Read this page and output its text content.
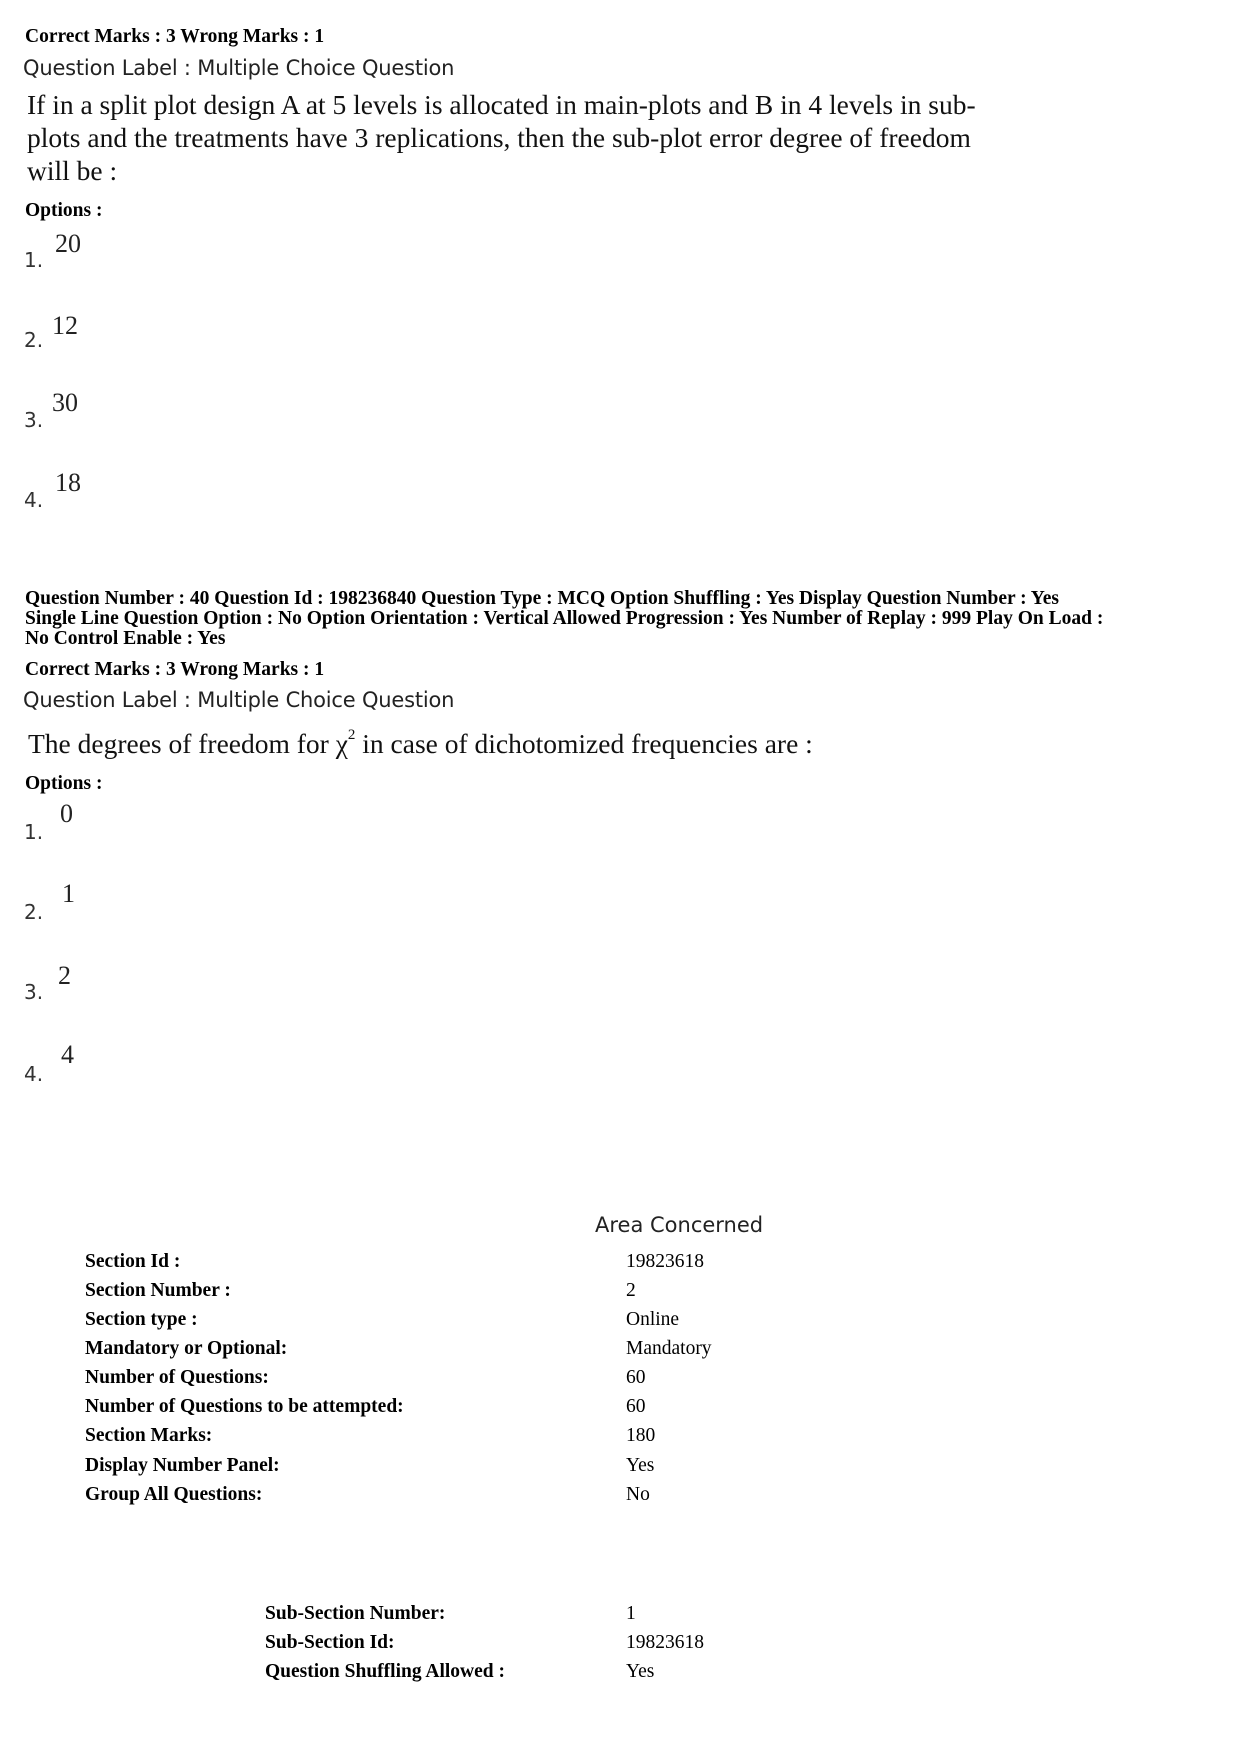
Correct Marks : 3 Wrong Marks : 1
Question Label : Multiple Choice Question
If in a split plot design A at 5 levels is allocated in main-plots and B in 4 levels in sub-
plots and the treatments have 3 replications, then the sub-plot error degree of freedom
will be :
Options :
1.
20
2. 12
3.
30
4.
18
Question Number : 40 Question Id : 198236840 Question Type : MCQ Option Shuffling : Yes Display Question Number : Yes
Single Line Question Option : No Option Orientation : Vertical Allowed Progression : Yes Number of Replay : 999 Play On Load :
No Control Enable : Yes
Correct Marks : 3 Wrong Marks : 1
Question Label : Multiple Choice Question
The degrees of freedom for $\chi^2$ in case of dichotomized frequencies are :
Options :
1.
0
2.
1
3.
2
4.
4
Area Concerned
Section Id :	19823618
Section Number :	2
Section type :	Online
Mandatory or Optional:	Mandatory
Number of Questions:	60
Number of Questions to be attempted:	60
Section Marks:	180
Display Number Panel:	Yes
Group All Questions:	No
Sub-Section Number:	1
Sub-Section Id:	19823618
Question Shuffling Allowed :	Yes
